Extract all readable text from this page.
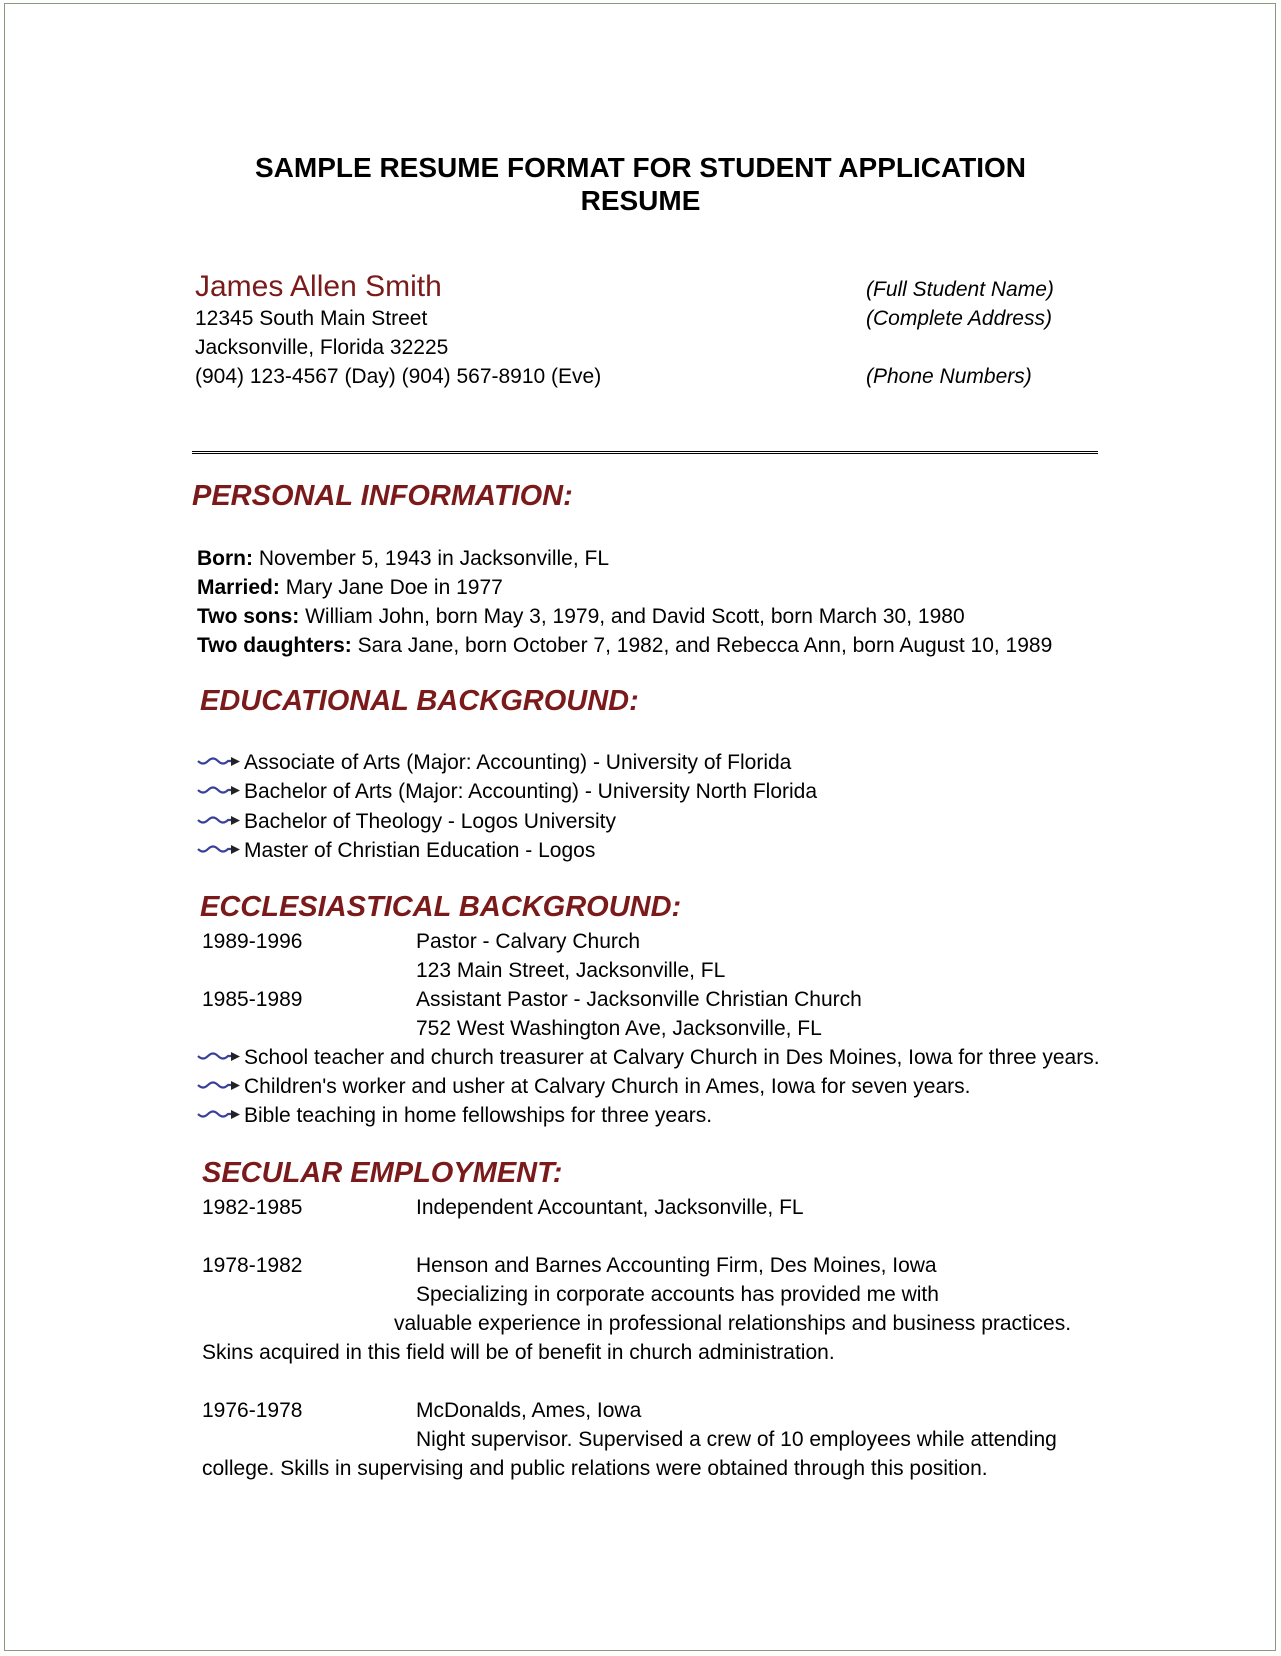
SAMPLE RESUME FORMAT FOR STUDENT APPLICATION
RESUME
James Allen Smith
12345 South Main Street
Jacksonville, Florida 32225
(904) 123-4567 (Day) (904) 567-8910 (Eve)
(Full Student Name)
(Complete Address)
(Phone Numbers)
PERSONAL INFORMATION:
Born: November 5, 1943 in Jacksonville, FL
Married: Mary Jane Doe in 1977
Two sons: William John, born May 3, 1979, and David Scott, born March 30, 1980
Two daughters: Sara Jane, born October 7, 1982, and Rebecca Ann, born August 10, 1989
EDUCATIONAL BACKGROUND:
Associate of Arts (Major: Accounting) - University of Florida
Bachelor of Arts (Major: Accounting) - University North Florida
Bachelor of Theology - Logos University
Master of Christian Education - Logos
ECCLESIASTICAL BACKGROUND:
1989-1996	Pastor - Calvary Church
123 Main Street, Jacksonville, FL
1985-1989	Assistant Pastor - Jacksonville Christian Church
752 West Washington Ave, Jacksonville, FL
School teacher and church treasurer at Calvary Church in Des Moines, Iowa for three years.
Children's worker and usher at Calvary Church in Ames, Iowa for seven years.
Bible teaching in home fellowships for three years.
SECULAR EMPLOYMENT:
1982-1985	Independent Accountant, Jacksonville, FL
1978-1982	Henson and Barnes Accounting Firm, Des Moines, Iowa
Specializing in corporate accounts has provided me with
valuable experience in professional relationships and business practices.
Skins acquired in this field will be of benefit in church administration.
1976-1978	McDonalds, Ames, Iowa
Night supervisor. Supervised a crew of 10 employees while attending
college. Skills in supervising and public relations were obtained through this position.
